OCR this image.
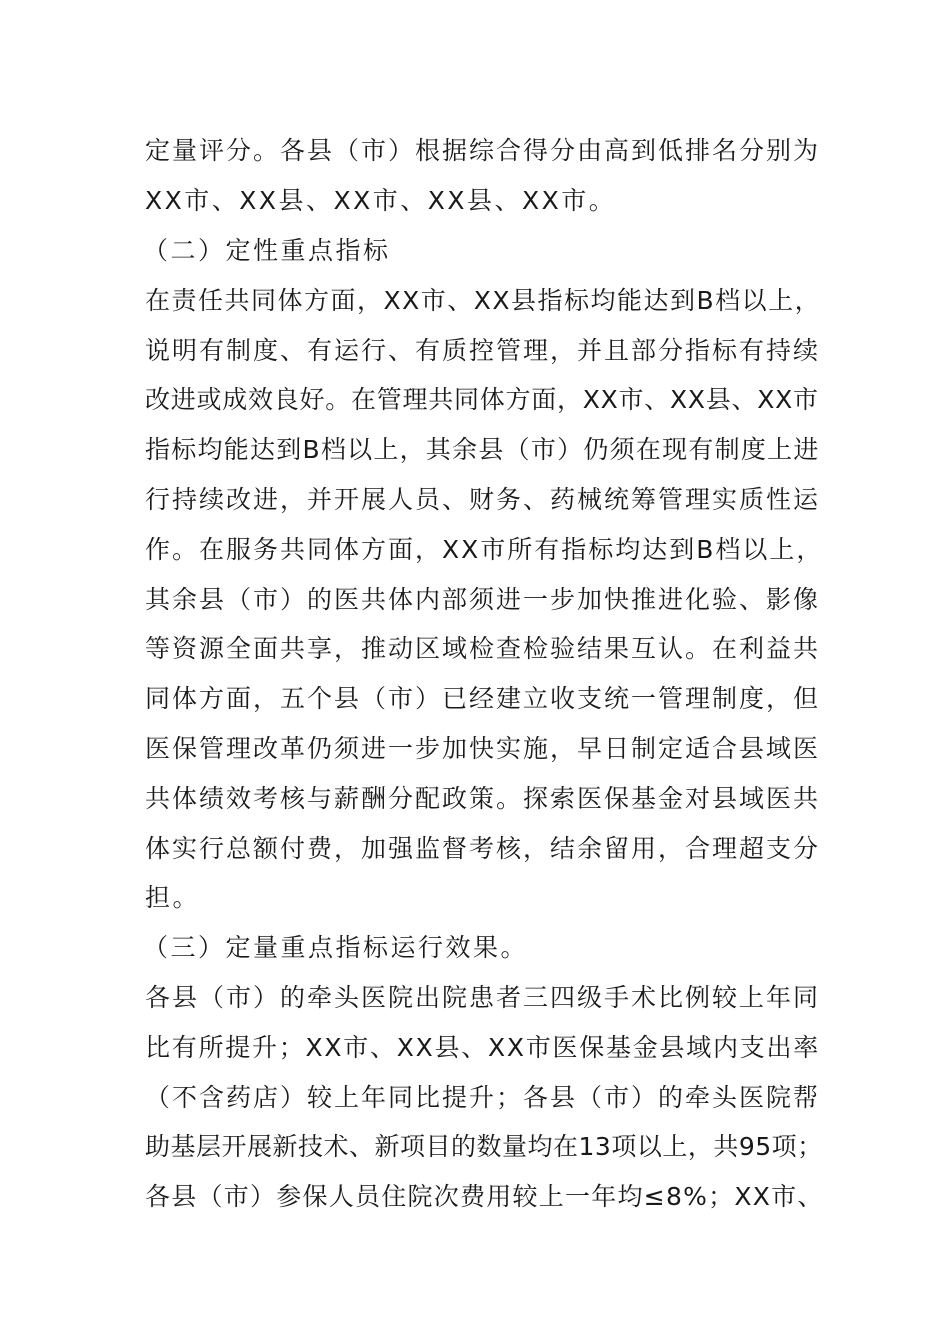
定量评分。各县（市）根据综合得分由高到低排名分别为
XX市、XX县、XX市、XX县、XX市。
（二）定性重点指标
在责任共同体方面，XX市、XX县指标均能达到B档以上，
说明有制度、有运行、有质控管理，并且部分指标有持续
改进或成效良好。在管理共同体方面，XX市、XX县、XX市
指标均能达到B档以上，其余县（市）仍须在现有制度上进
行持续改进，并开展人员、财务、药械统筹管理实质性运
作。在服务共同体方面，XX市所有指标均达到B档以上，
其余县（市）的医共体内部须进一步加快推进化验、影像
等资源全面共享，推动区域检查检验结果互认。在利益共
同体方面，五个县（市）已经建立收支统一管理制度，但
医保管理改革仍须进一步加快实施，早日制定适合县域医
共体绩效考核与薪酬分配政策。探索医保基金对县域医共
体实行总额付费，加强监督考核，结余留用，合理超支分
担。
（三）定量重点指标运行效果。
各县（市）的牵头医院出院患者三四级手术比例较上年同
比有所提升；XX市、XX县、XX市医保基金县域内支出率
（不含药店）较上年同比提升；各县（市）的牵头医院帮
助基层开展新技术、新项目的数量均在13项以上，共95项；
各县（市）参保人员住院次费用较上一年均≤8%；XX市、
